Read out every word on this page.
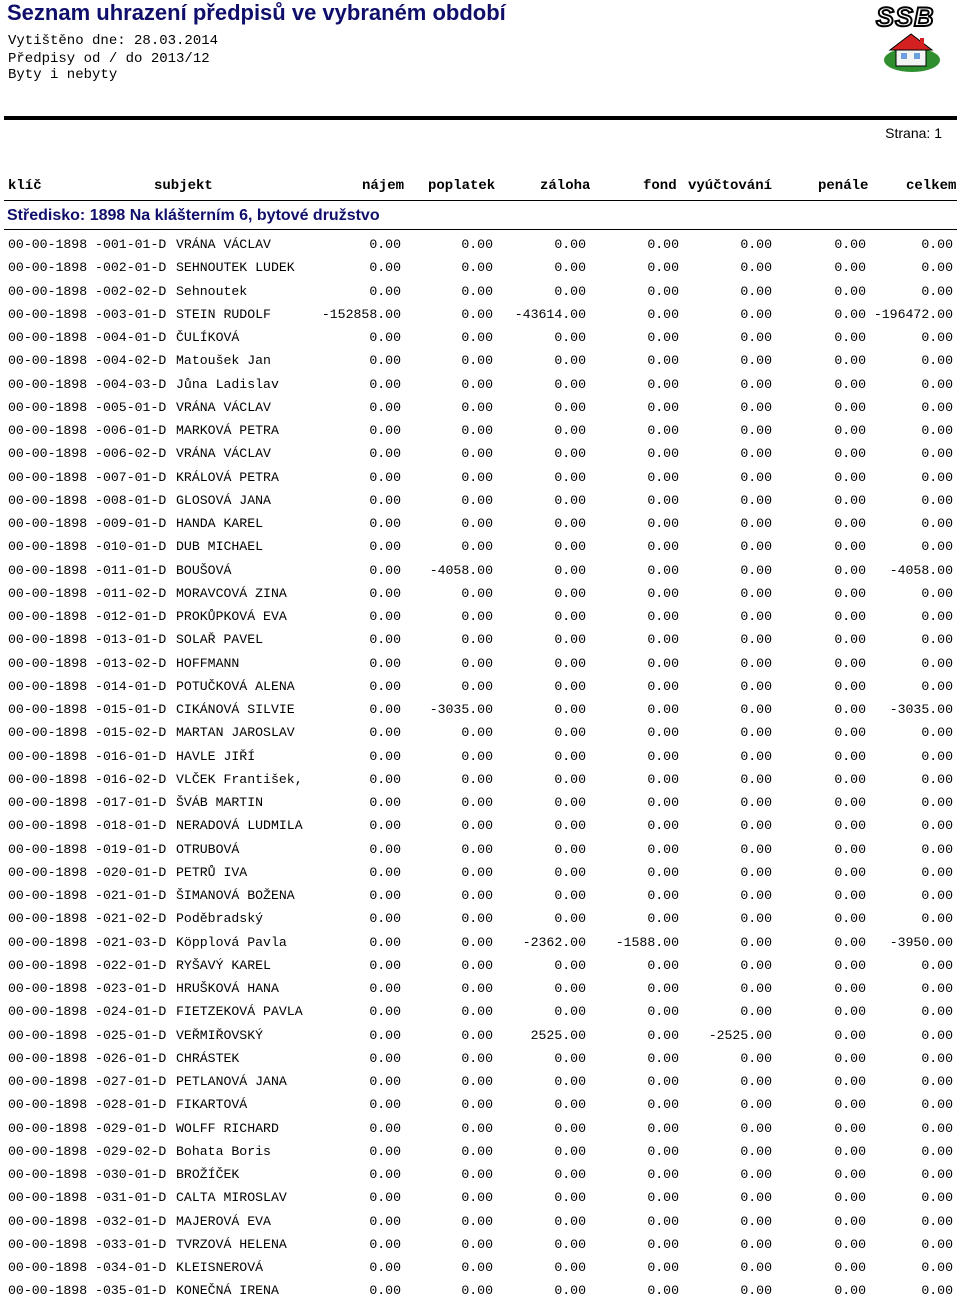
Seznam uhrazení předpisů ve vybraném období
Vytištěno dne: 28.03.2014
Předpisy od / do 2013/12
Byty i nebyty
SSB
Strana: 1
klíč	subjekt	nájem poplatek	záloha	fond vyúčtování	penále	celkem
Středisko: 1898 Na klášterním 6, bytové družstvo
00-00-1898 -001-01-D VRÁNA VÁCLAV	0.00	0.00	0.00	0.00	0.00	0.00	0.00
00-00-1898 -002-01-D SEHNOUTEK LUDEK	0.00	0.00	0.00	0.00	0.00	0.00	0.00
00-00-1898 -002-02-D Sehnoutek	0.00	0.00	0.00	0.00	0.00	0.00	0.00
00-00-1898 -003-01-D STEIN RUDOLF	-152858.00	0.00 -43614.00	0.00	0.00	0.00 -196472.00
00-00-1898 -004-01-D ČULÍKOVÁ	0.00	0.00	0.00	0.00	0.00	0.00	0.00
00-00-1898 -004-02-D Matoušek Jan	0.00	0.00	0.00	0.00	0.00	0.00	0.00
00-00-1898 -004-03-D Jůna Ladislav	0.00	0.00	0.00	0.00	0.00	0.00	0.00
00-00-1898 -005-01-D VRÁNA VÁCLAV	0.00	0.00	0.00	0.00	0.00	0.00	0.00
00-00-1898 -006-01-D MARKOVÁ PETRA	0.00	0.00	0.00	0.00	0.00	0.00	0.00
00-00-1898 -006-02-D VRÁNA VÁCLAV	0.00	0.00	0.00	0.00	0.00	0.00	0.00
00-00-1898 -007-01-D KRÁLOVÁ PETRA	0.00	0.00	0.00	0.00	0.00	0.00	0.00
00-00-1898 -008-01-D GLOSOVÁ JANA	0.00	0.00	0.00	0.00	0.00	0.00	0.00
00-00-1898 -009-01-D HANDA KAREL	0.00	0.00	0.00	0.00	0.00	0.00	0.00
00-00-1898 -010-01-D DUB MICHAEL	0.00	0.00	0.00	0.00	0.00	0.00	0.00
00-00-1898 -011-01-D BOUŠOVÁ	0.00 -4058.00	0.00	0.00	0.00	0.00 -4058.00
00-00-1898 -011-02-D MORAVCOVÁ ZINA	0.00	0.00	0.00	0.00	0.00	0.00	0.00
00-00-1898 -012-01-D PROKŮPKOVÁ EVA	0.00	0.00	0.00	0.00	0.00	0.00	0.00
00-00-1898 -013-01-D SOLAŘ PAVEL	0.00	0.00	0.00	0.00	0.00	0.00	0.00
00-00-1898 -013-02-D HOFFMANN	0.00	0.00	0.00	0.00	0.00	0.00	0.00
00-00-1898 -014-01-D POTUČKOVÁ ALENA	0.00	0.00	0.00	0.00	0.00	0.00	0.00
00-00-1898 -015-01-D CIKÁNOVÁ SILVIE	0.00 -3035.00	0.00	0.00	0.00	0.00 -3035.00
00-00-1898 -015-02-D MARTAN JAROSLAV	0.00	0.00	0.00	0.00	0.00	0.00	0.00
00-00-1898 -016-01-D HAVLE JIŘÍ	0.00	0.00	0.00	0.00	0.00	0.00	0.00
00-00-1898 -016-02-D VLČEK František,	0.00	0.00	0.00	0.00	0.00	0.00	0.00
00-00-1898 -017-01-D ŠVÁB MARTIN	0.00	0.00	0.00	0.00	0.00	0.00	0.00
00-00-1898 -018-01-D NERADOVÁ LUDMILA	0.00	0.00	0.00	0.00	0.00	0.00	0.00
00-00-1898 -019-01-D OTRUBOVÁ	0.00	0.00	0.00	0.00	0.00	0.00	0.00
00-00-1898 -020-01-D PETRŮ IVA	0.00	0.00	0.00	0.00	0.00	0.00	0.00
00-00-1898 -021-01-D ŠIMANOVÁ BOŽENA	0.00	0.00	0.00	0.00	0.00	0.00	0.00
00-00-1898 -021-02-D Poděbradský	0.00	0.00	0.00	0.00	0.00	0.00	0.00
00-00-1898 -021-03-D Köpplová Pavla	0.00	0.00 -2362.00 -1588.00	0.00	0.00 -3950.00
00-00-1898 -022-01-D RYŠAVÝ KAREL	0.00	0.00	0.00	0.00	0.00	0.00	0.00
00-00-1898 -023-01-D HRUŠKOVÁ HANA	0.00	0.00	0.00	0.00	0.00	0.00	0.00
00-00-1898 -024-01-D FIETZEKOVÁ PAVLA	0.00	0.00	0.00	0.00	0.00	0.00	0.00
00-00-1898 -025-01-D VEŘMIŘOVSKÝ	0.00	0.00	2525.00	0.00 -2525.00	0.00	0.00
00-00-1898 -026-01-D CHRÁSTEK	0.00	0.00	0.00	0.00	0.00	0.00	0.00
00-00-1898 -027-01-D PETLANOVÁ JANA	0.00	0.00	0.00	0.00	0.00	0.00	0.00
00-00-1898 -028-01-D FIKARTOVÁ	0.00	0.00	0.00	0.00	0.00	0.00	0.00
00-00-1898 -029-01-D WOLFF RICHARD	0.00	0.00	0.00	0.00	0.00	0.00	0.00
00-00-1898 -029-02-D Bohata Boris	0.00	0.00	0.00	0.00	0.00	0.00	0.00
00-00-1898 -030-01-D BROŽÍČEK	0.00	0.00	0.00	0.00	0.00	0.00	0.00
00-00-1898 -031-01-D CALTA MIROSLAV	0.00	0.00	0.00	0.00	0.00	0.00	0.00
00-00-1898 -032-01-D MAJEROVÁ EVA	0.00	0.00	0.00	0.00	0.00	0.00	0.00
00-00-1898 -033-01-D TVRZOVÁ HELENA	0.00	0.00	0.00	0.00	0.00	0.00	0.00
00-00-1898 -034-01-D KLEISNEROVÁ	0.00	0.00	0.00	0.00	0.00	0.00	0.00
00-00-1898 -035-01-D KONEČNÁ IRENA	0.00	0.00	0.00	0.00	0.00	0.00	0.00
